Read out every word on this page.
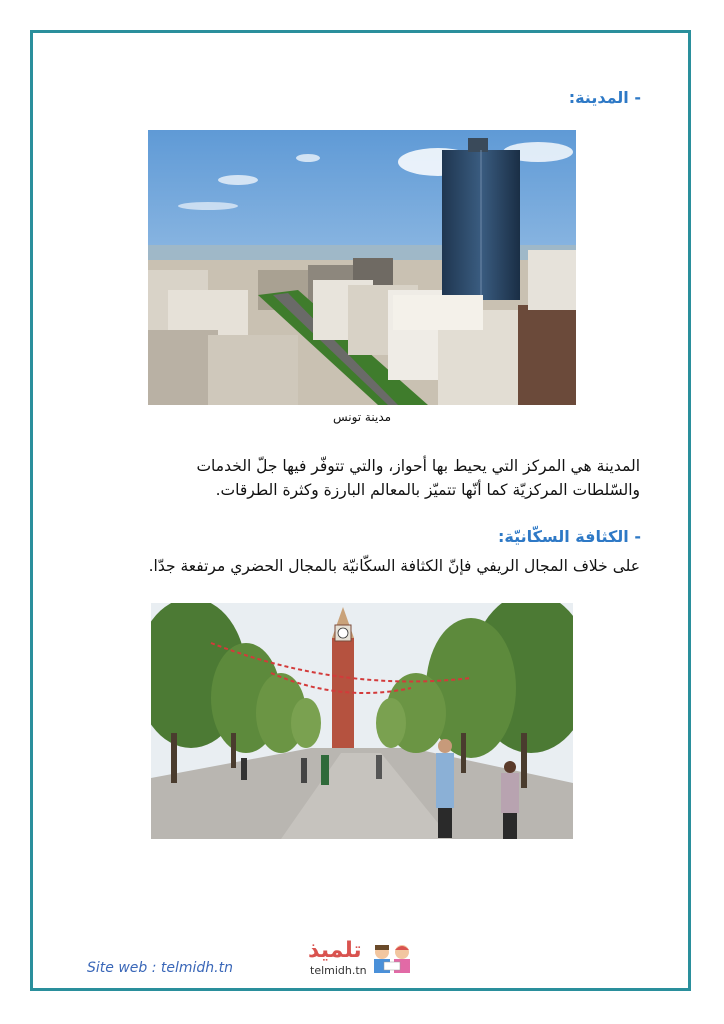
- المدينة:
مدينة تونس
المدينة هي المركز التي يحيط بها أحواز، والتي تتوفّر فيها جلّ الخدمات
والسّلطات المركزيّة كما أنّها تتميّز بالمعالم البارزة وكثرة الطرقات.
- الكثافة السكّانيّة:
على خلاف المجال الريفي فإنّ الكثافة السكّانيّة بالمجال الحضري مرتفعة جدّا.
Site web : telmidh.tn
تلميذ
telmidh.tn
